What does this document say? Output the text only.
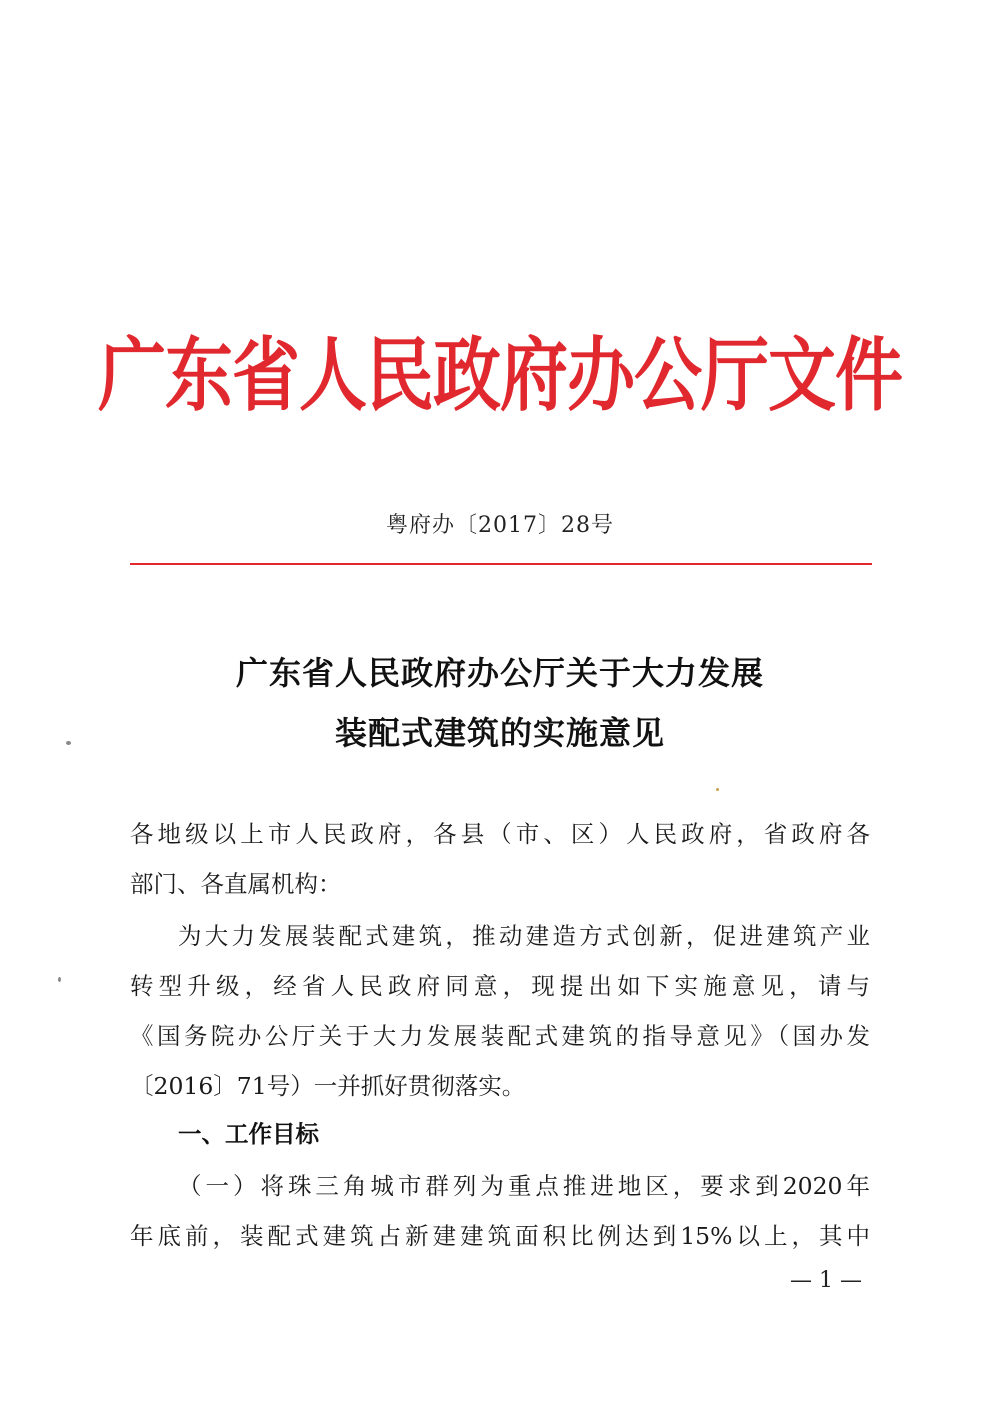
广东省人民政府办公厅文件
粤府办〔2017〕28号
广东省人民政府办公厅关于大力发展
装配式建筑的实施意见
各地级以上市人民政府，各县（市、区）人民政府，省政府各
部门、各直属机构：
为大力发展装配式建筑，推动建造方式创新，促进建筑产业
转型升级，经省人民政府同意，现提出如下实施意见，请与
《国务院办公厅关于大力发展装配式建筑的指导意见》（国办发
〔2016〕71号）一并抓好贯彻落实。
一、工作目标
（一）将珠三角城市群列为重点推进地区，要求到2020年
年底前，装配式建筑占新建建筑面积比例达到15%以上，其中
— 1 —
